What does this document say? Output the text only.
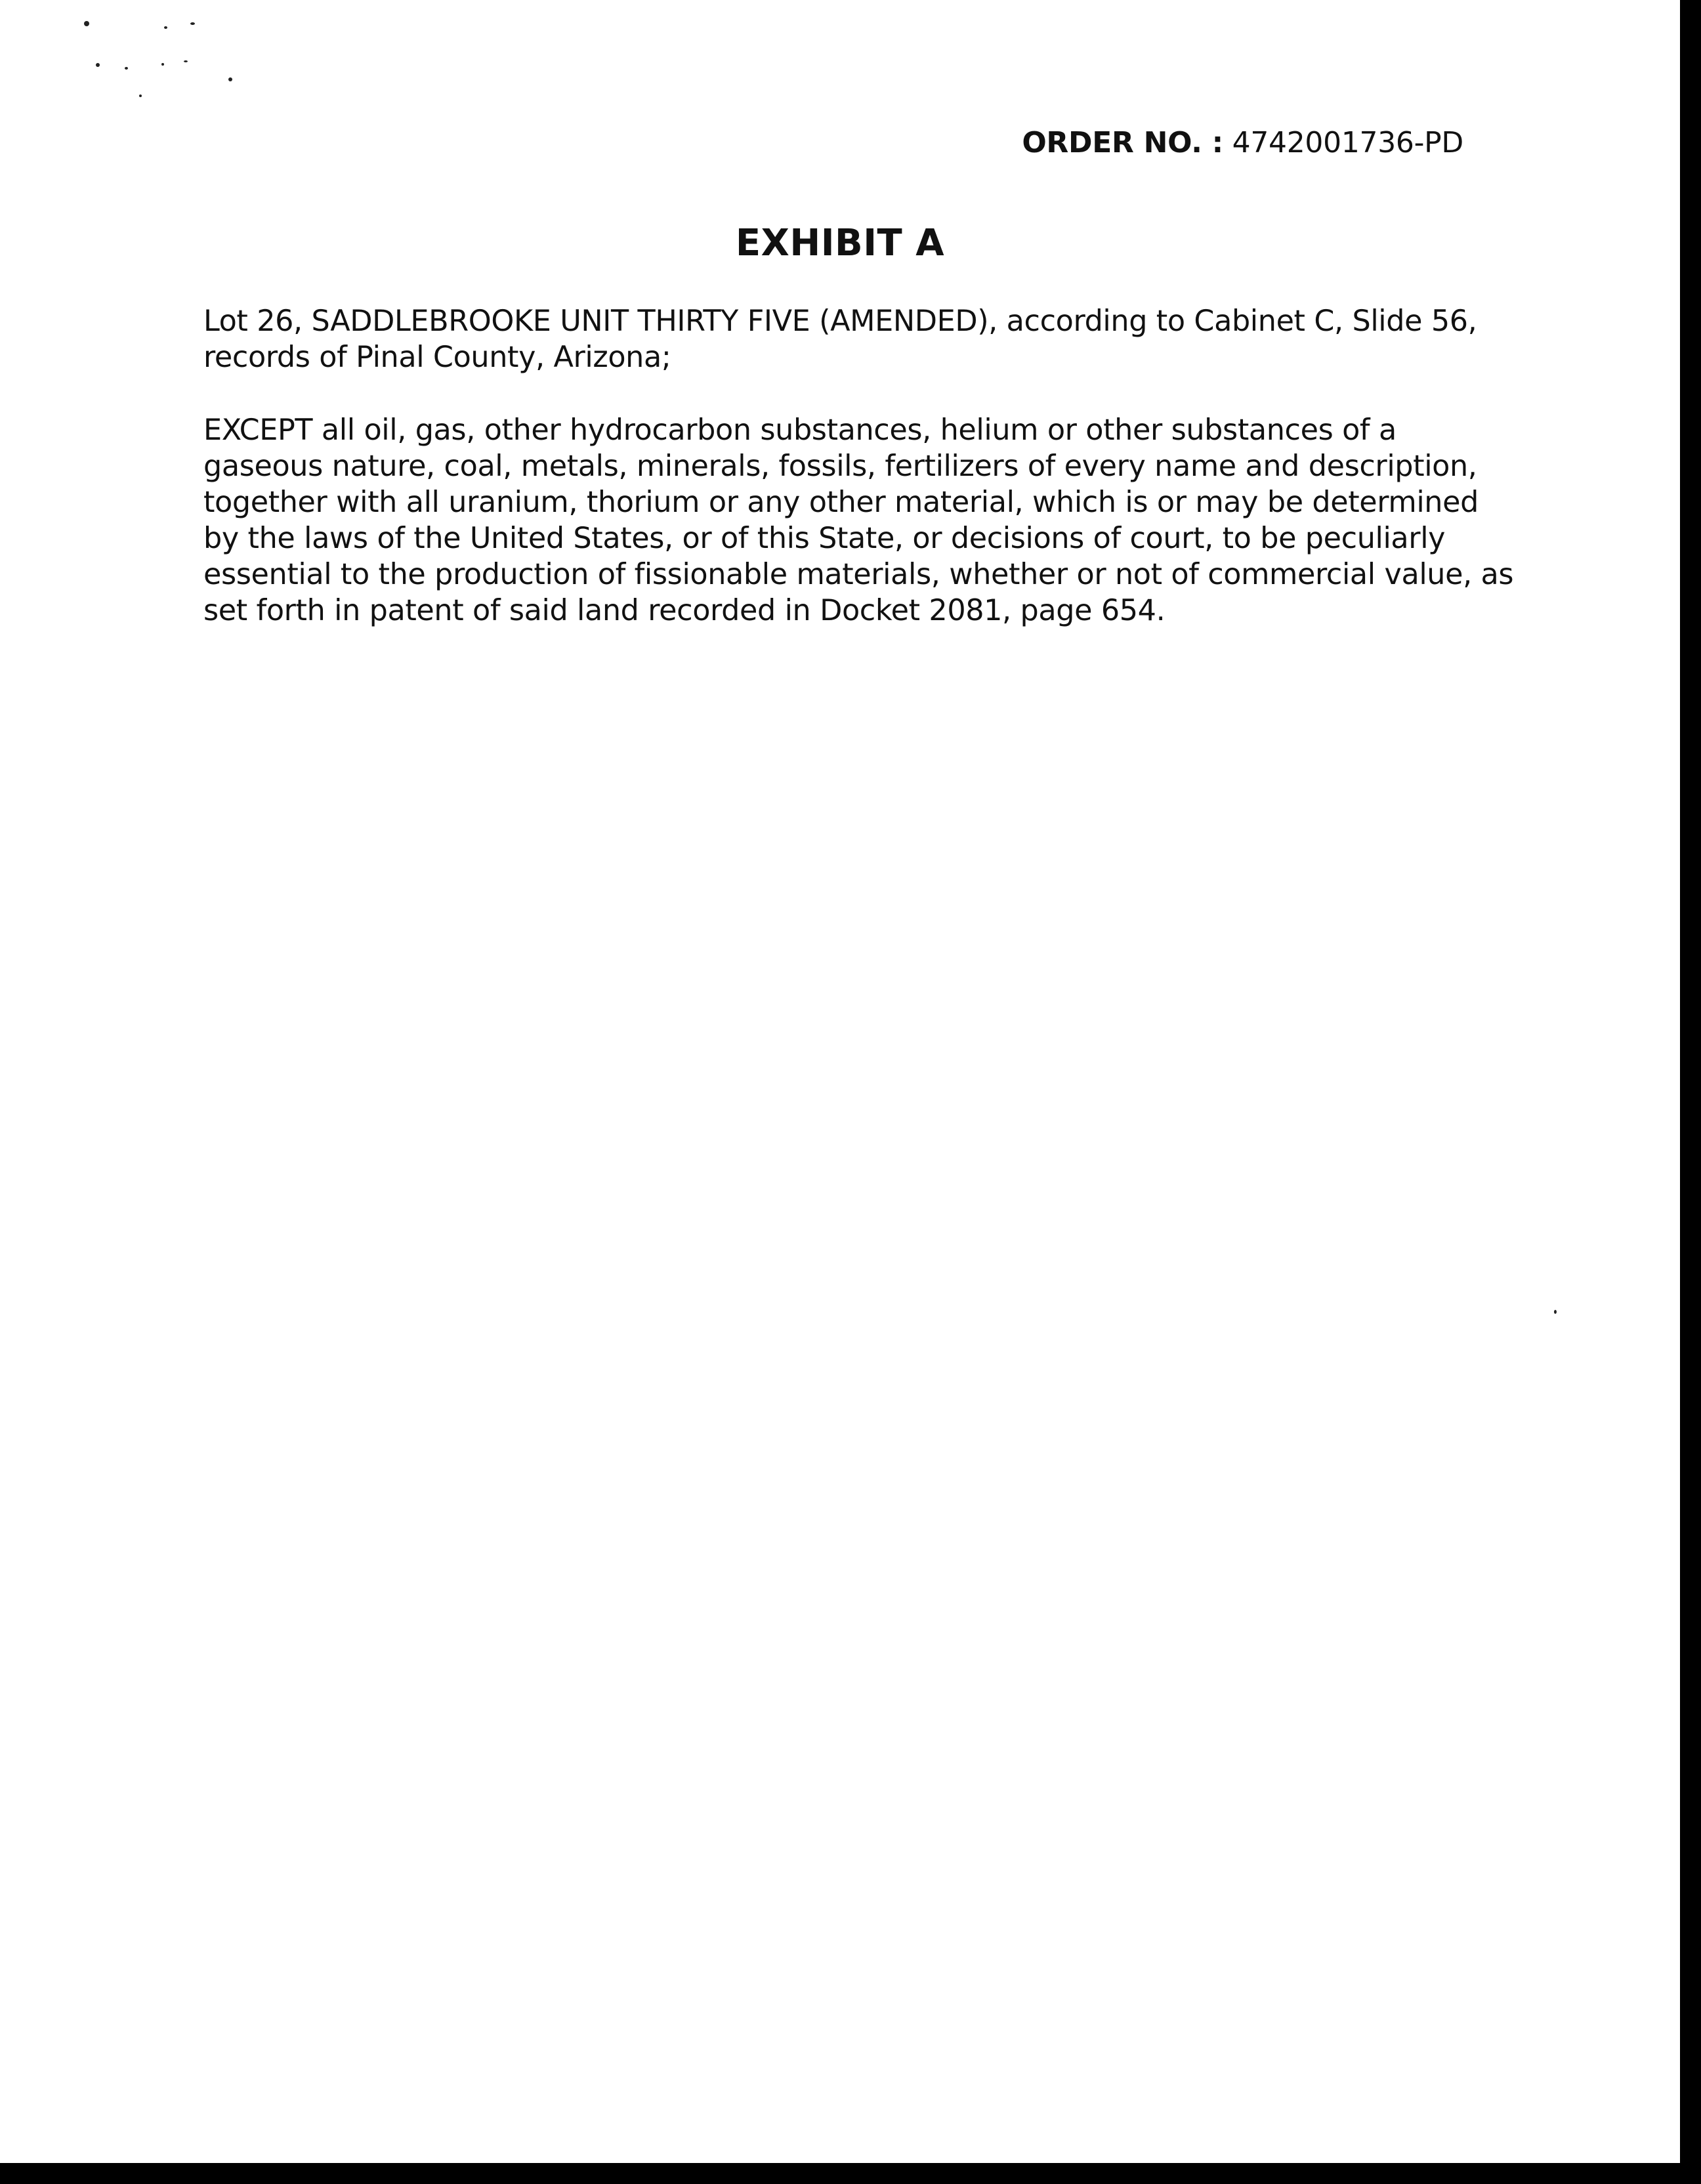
ORDER NO. : 4742001736-PD
EXHIBIT A

Lot 26, SADDLEBROOKE UNIT THIRTY FIVE (AMENDED), according to Cabinet C, Slide 56, records of Pinal County, Arizona;

EXCEPT all oil, gas, other hydrocarbon substances, helium or other substances of a gaseous nature, coal, metals, minerals, fossils, fertilizers of every name and description, together with all uranium, thorium or any other material, which is or may be determined by the laws of the United States, or of this State, or decisions of court, to be peculiarly essential to the production of fissionable materials, whether or not of commercial value, as set forth in patent of said land recorded in Docket 2081, page 654.
